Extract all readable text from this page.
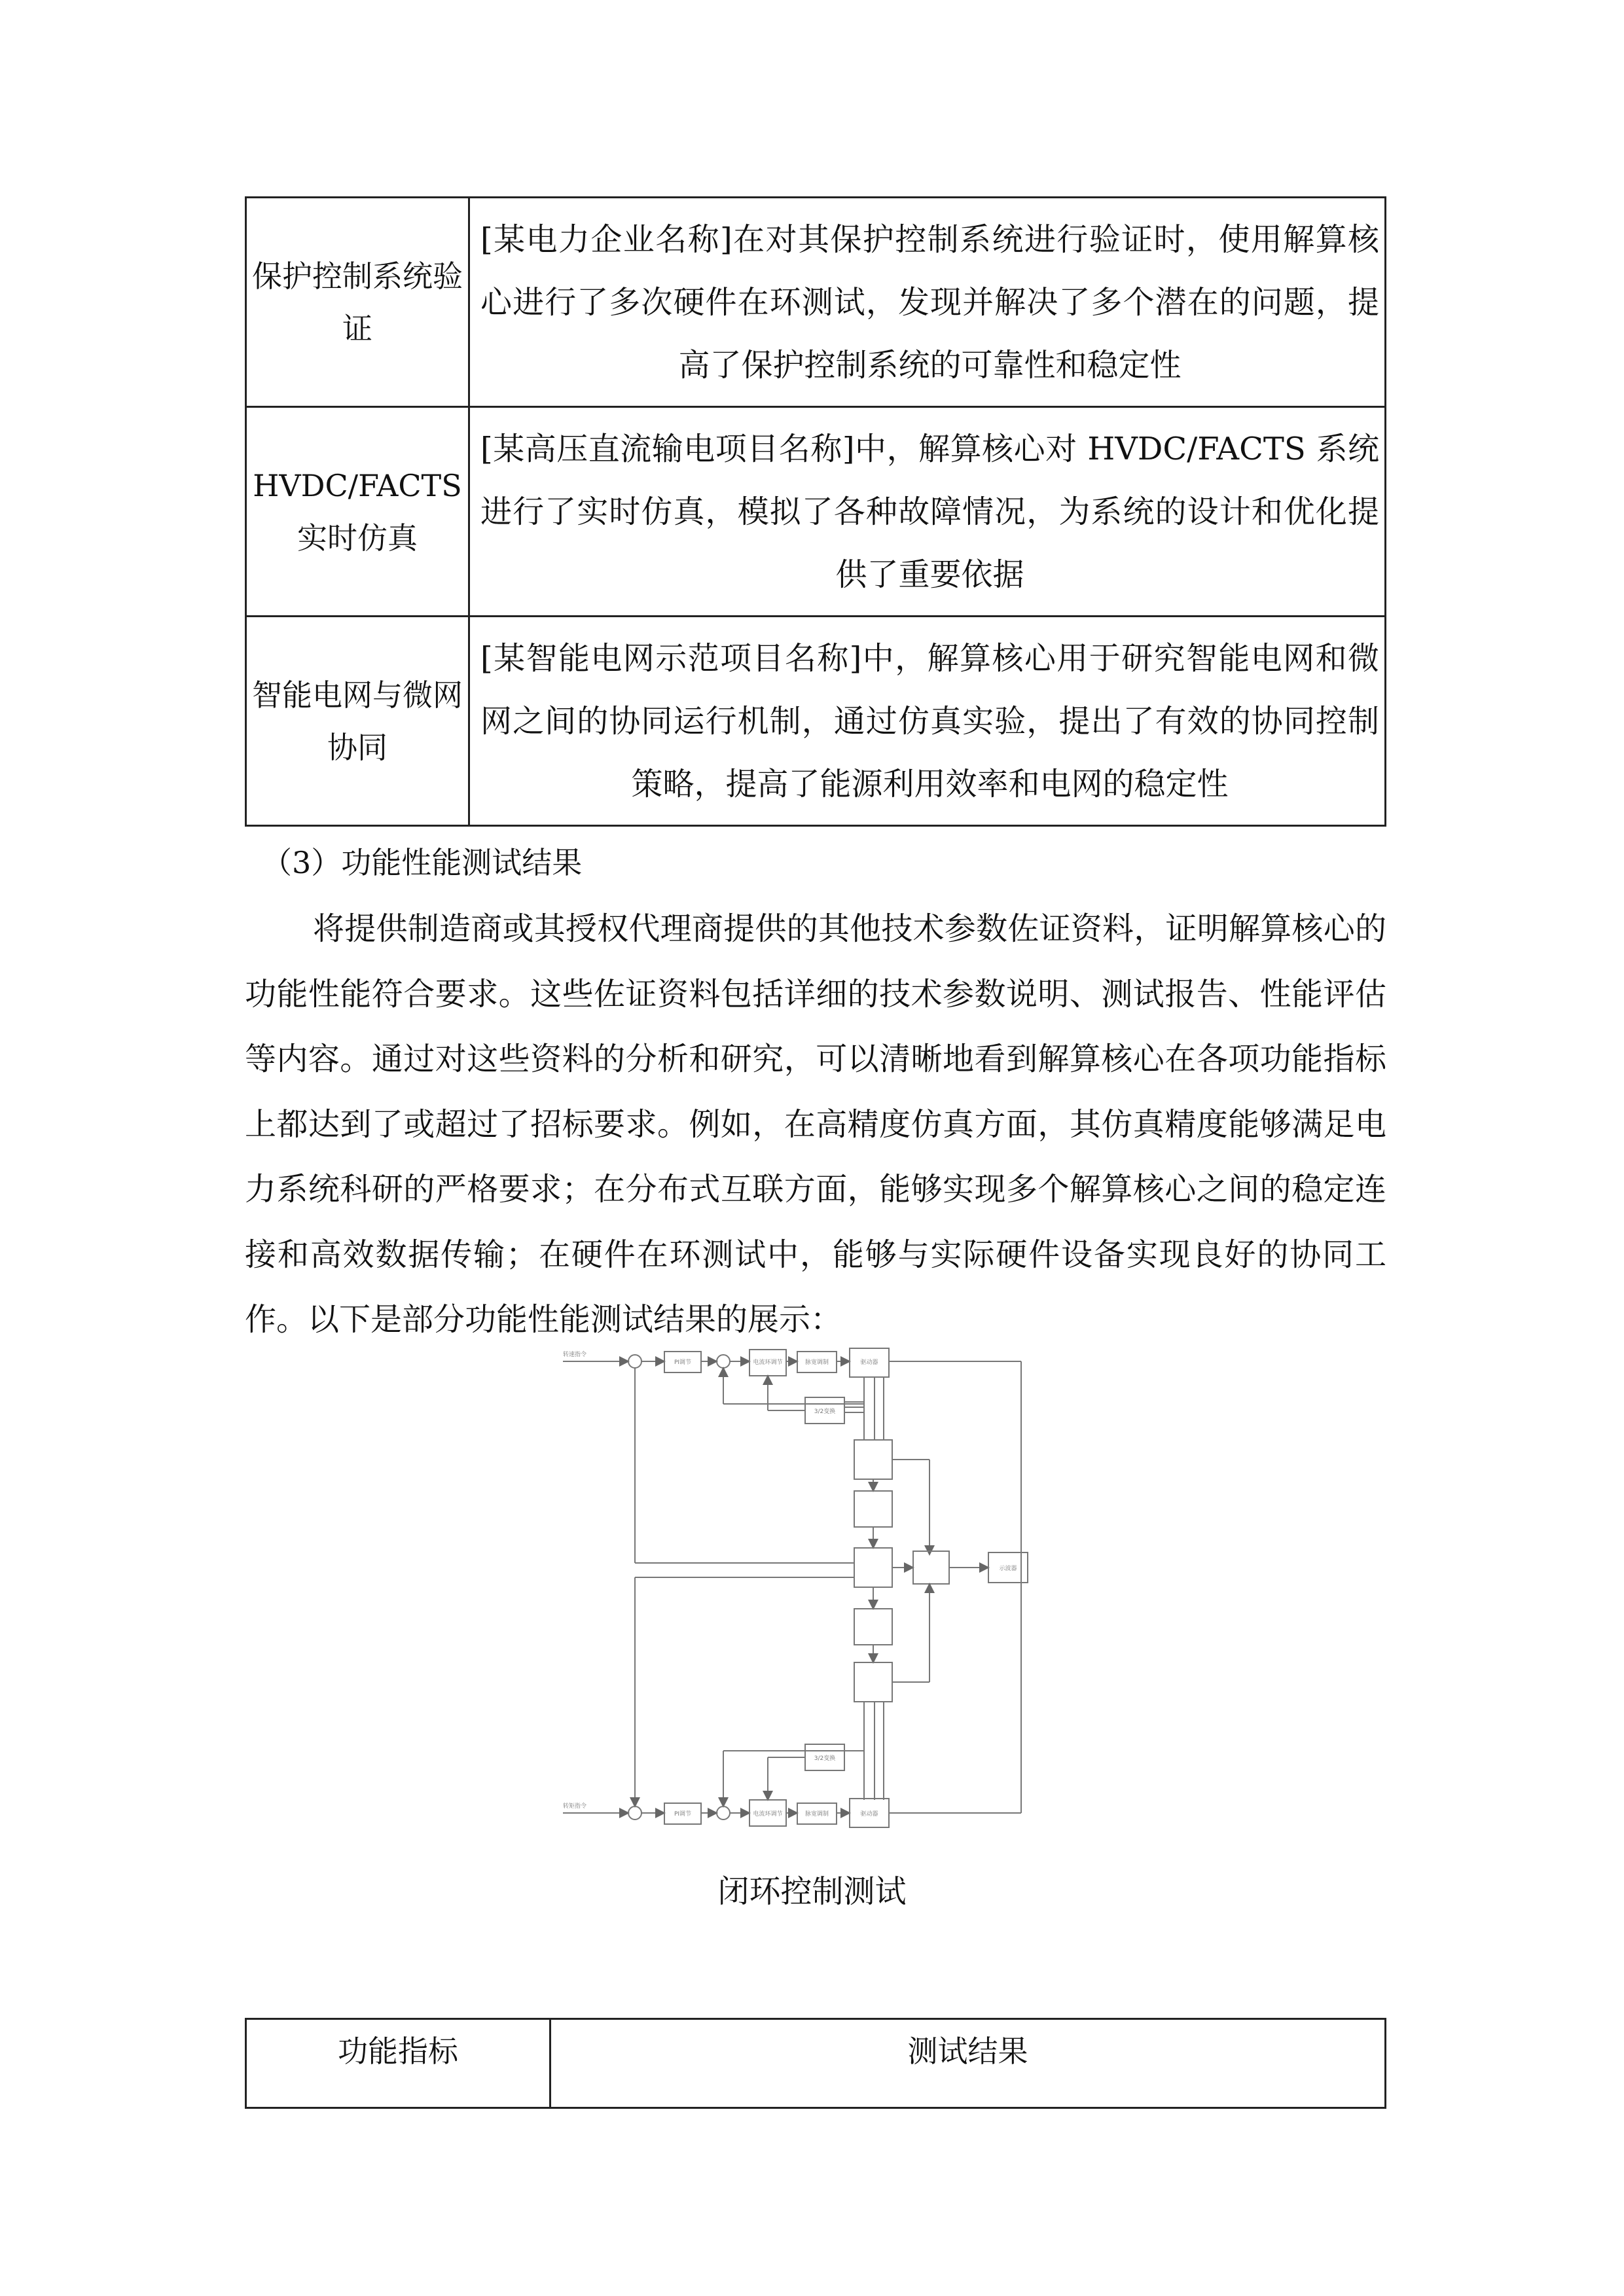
保护控制系统验证	[某电力企业名称]在对其保护控制系统进行验证时，使用解算核心进行了多次硬件在环测试，发现并解决了多个潜在的问题，提高了保护控制系统的可靠性和稳定性
HVDC/FACTS 实时仿真	[某高压直流输电项目名称]中，解算核心对 HVDC/FACTS 系统进行了实时仿真，模拟了各种故障情况，为系统的设计和优化提供了重要依据
智能电网与微网协同	[某智能电网示范项目名称]中，解算核心用于研究智能电网和微网之间的协同运行机制，通过仿真实验，提出了有效的协同控制策略，提高了能源利用效率和电网的稳定性
（3）功能性能测试结果

将提供制造商或其授权代理商提供的其他技术参数佐证资料，证明解算核心的功能性能符合要求。这些佐证资料包括详细的技术参数说明、测试报告、性能评估等内容。通过对这些资料的分析和研究，可以清晰地看到解算核心在各项功能指标上都达到了或超过了招标要求。例如，在高精度仿真方面，其仿真精度能够满足电力系统科研的严格要求；在分布式互联方面，能够实现多个解算核心之间的稳定连接和高效数据传输；在硬件在环测试中，能够与实际硬件设备实现良好的协同工作。以下是部分功能性能测试结果的展示：

转速指令
转矩指令
PI调节
PI调节
电流环调节
电流环调节
脉宽调制
脉宽调制
驱动器
驱动器
3/2变换
3/2变换
示波器
闭环控制测试
功能指标	测试结果
